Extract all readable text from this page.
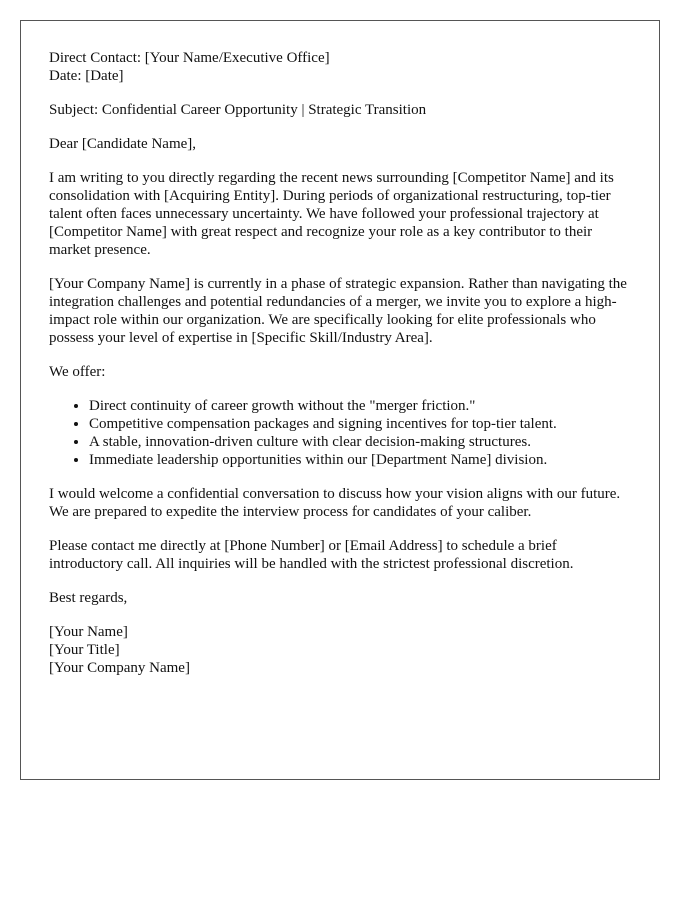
Direct Contact: [Your Name/Executive Office]

Date: [Date]

Subject: Confidential Career Opportunity | Strategic Transition

Dear [Candidate Name],

I am writing to you directly regarding the recent news surrounding [Competitor Name] and its consolidation with [Acquiring Entity]. During periods of organizational restructuring, top-tier talent often faces unnecessary uncertainty. We have followed your professional trajectory at [Competitor Name] with great respect and recognize your role as a key contributor to their market presence.

[Your Company Name] is currently in a phase of strategic expansion. Rather than navigating the integration challenges and potential redundancies of a merger, we invite you to explore a high-impact role within our organization. We are specifically looking for elite professionals who possess your level of expertise in [Specific Skill/Industry Area].

We offer:

• Direct continuity of career growth without the "merger friction."
• Competitive compensation packages and signing incentives for top-tier talent.
• A stable, innovation-driven culture with clear decision-making structures.
• Immediate leadership opportunities within our [Department Name] division.

I would welcome a confidential conversation to discuss how your vision aligns with our future. We are prepared to expedite the interview process for candidates of your caliber.

Please contact me directly at [Phone Number] or [Email Address] to schedule a brief introductory call. All inquiries will be handled with the strictest professional discretion.

Best regards,

[Your Name]

[Your Title]

[Your Company Name]
